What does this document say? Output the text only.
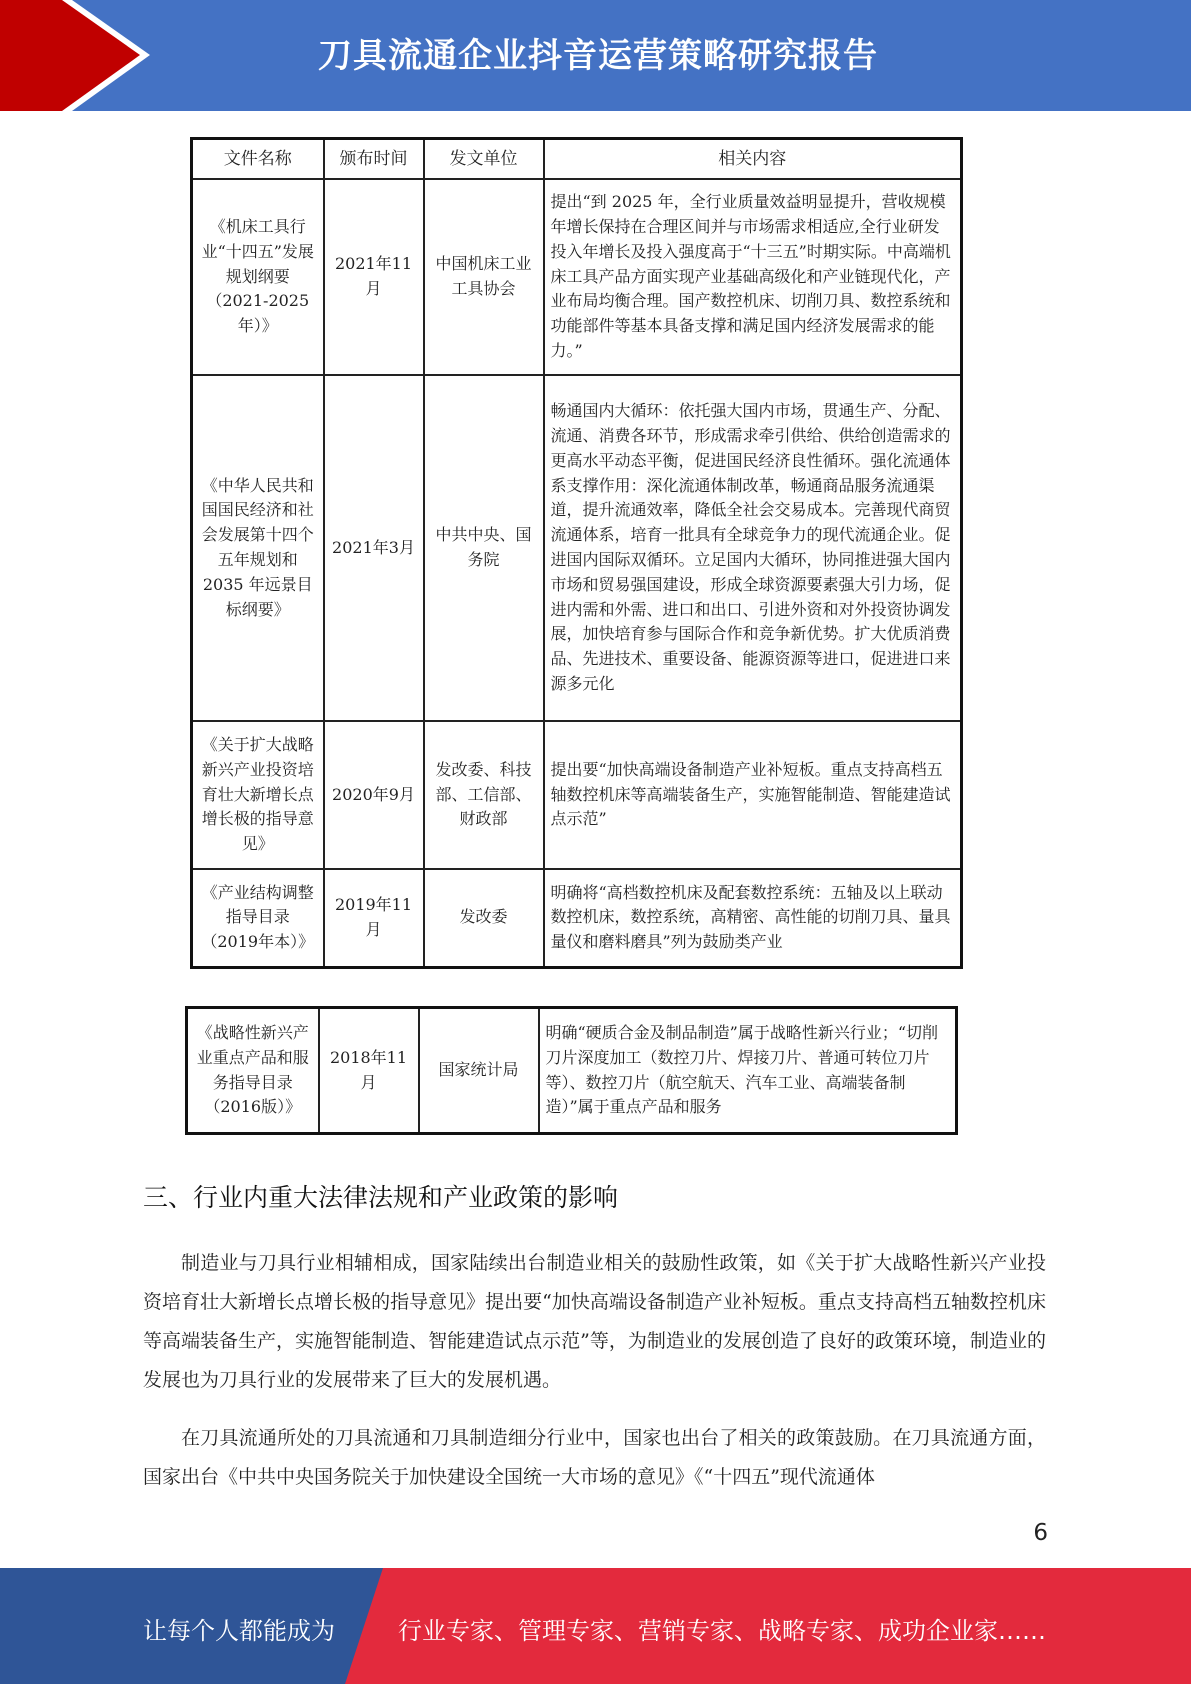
刀具流通企业抖音运营策略研究报告
文件名称	颁布时间	发文单位	相关内容
《机床工具行业“十四五”发展规划纲要（2021-2025年）》	2021年11月	中国机床工业工具协会	提出“到 2025 年，全行业质量效益明显提升，营收规模年增长保持在合理区间并与市场需求相适应,全行业研发投入年增长及投入强度高于“十三五”时期实际。中高端机床工具产品方面实现产业基础高级化和产业链现代化，产业布局均衡合理。国产数控机床、切削刀具、数控系统和功能部件等基本具备支撑和满足国内经济发展需求的能力。”
《中华人民共和国国民经济和社会发展第十四个五年规划和 2035 年远景目标纲要》	2021年3月	中共中央、国务院	畅通国内大循环：依托强大国内市场，贯通生产、分配、流通、消费各环节，形成需求牵引供给、供给创造需求的更高水平动态平衡，促进国民经济良性循环。强化流通体系支撑作用：深化流通体制改革，畅通商品服务流通渠道，提升流通效率，降低全社会交易成本。完善现代商贸流通体系，培育一批具有全球竞争力的现代流通企业。促进国内国际双循环。立足国内大循环，协同推进强大国内市场和贸易强国建设，形成全球资源要素强大引力场，促进内需和外需、进口和出口、引进外资和对外投资协调发展，加快培育参与国际合作和竞争新优势。扩大优质消费品、先进技术、重要设备、能源资源等进口，促进进口来源多元化
《关于扩大战略新兴产业投资培育壮大新增长点增长极的指导意见》	2020年9月	发改委、科技部、工信部、财政部	提出要“加快高端设备制造产业补短板。重点支持高档五轴数控机床等高端装备生产，实施智能制造、智能建造试点示范”
《产业结构调整指导目录（2019年本）》	2019年11月	发改委	明确将“高档数控机床及配套数控系统：五轴及以上联动数控机床，数控系统，高精密、高性能的切削刀具、量具量仪和磨料磨具”列为鼓励类产业
《战略性新兴产业重点产品和服务指导目录（2016版）》	2018年11月	国家统计局	明确“硬质合金及制品制造”属于战略性新兴行业；“切削刀片深度加工（数控刀片、焊接刀片、普通可转位刀片等）、数控刀片（航空航天、汽车工业、高端装备制造）”属于重点产品和服务
三、行业内重大法律法规和产业政策的影响

制造业与刀具行业相辅相成，国家陆续出台制造业相关的鼓励性政策，如《关于扩大战略性新兴产业投资培育壮大新增长点增长极的指导意见》提出要“加快高端设备制造产业补短板。重点支持高档五轴数控机床等高端装备生产，实施智能制造、智能建造试点示范”等，为制造业的发展创造了良好的政策环境，制造业的发展也为刀具行业的发展带来了巨大的发展机遇。

在刀具流通所处的刀具流通和刀具制造细分行业中，国家也出台了相关的政策鼓励。在刀具流通方面，国家出台《中共中央国务院关于加快建设全国统一大市场的意见》《“十四五”现代流通体

6
让每个人都能成为	行业专家、管理专家、营销专家、战略专家、成功企业家……
